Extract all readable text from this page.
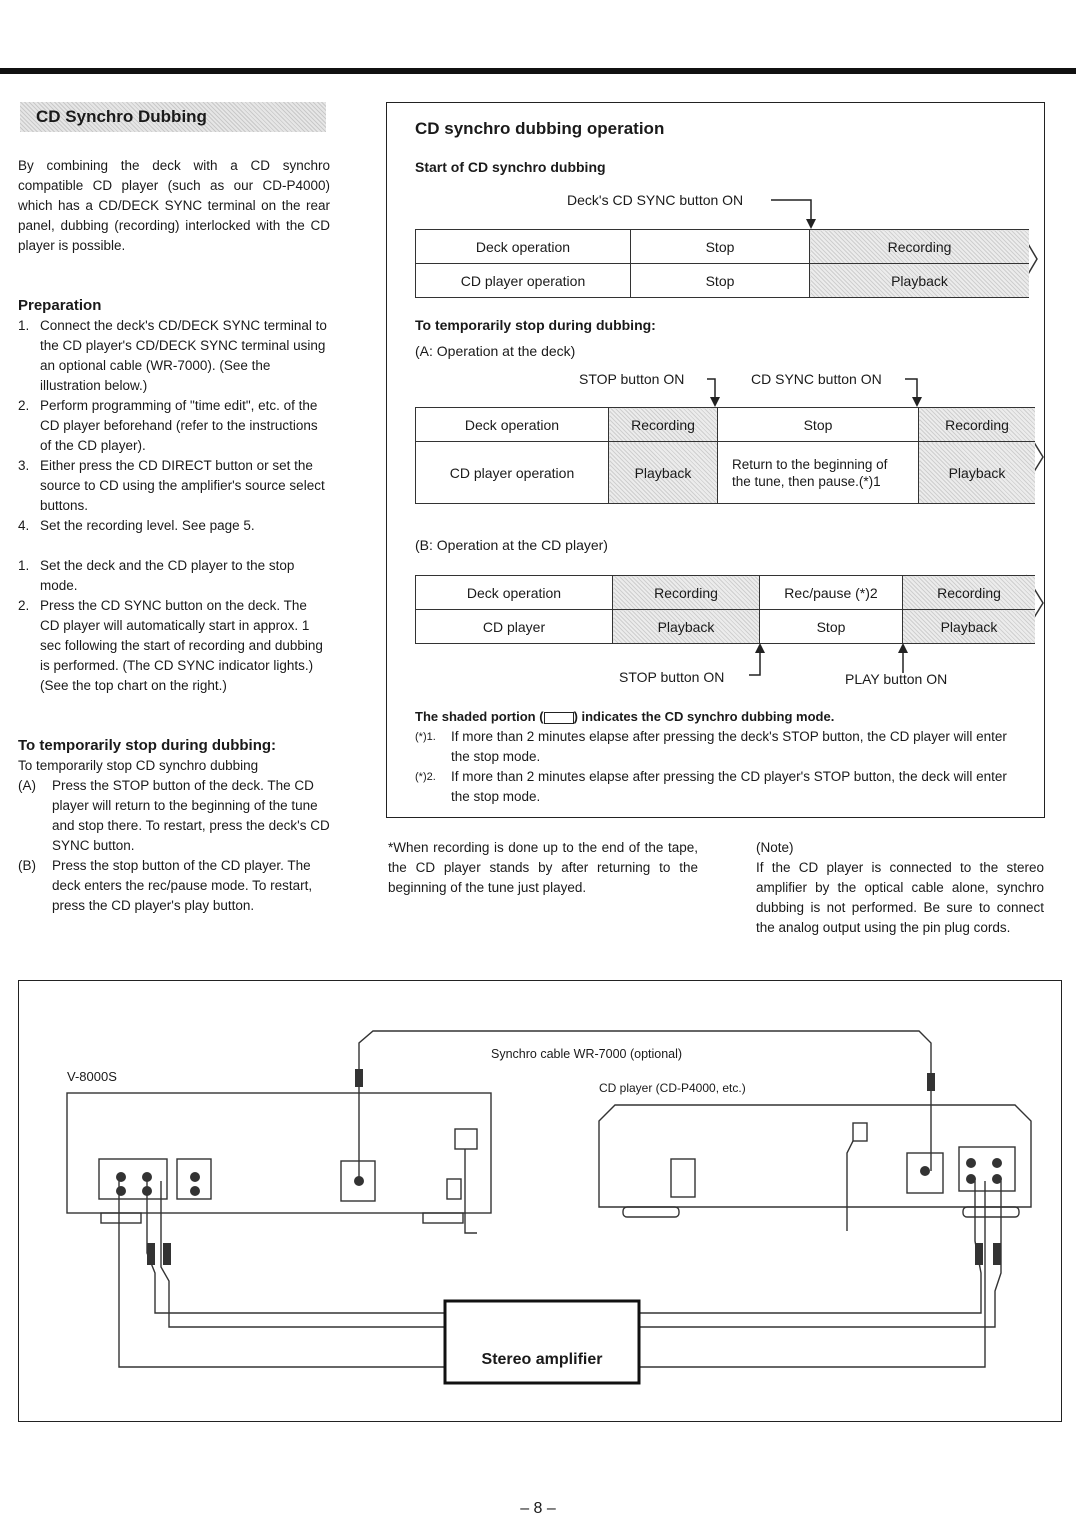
CD Synchro Dubbing

By combining the deck with a CD synchro compatible CD player (such as our CD-P4000) which has a CD/DECK SYNC terminal on the rear panel, dubbing (recording) interlocked with the CD player is possible.

Preparation
1. Connect the deck's CD/DECK SYNC terminal to the CD player's CD/DECK SYNC terminal using an optional cable (WR-7000). (See the illustration below.)
2. Perform programming of "time edit", etc. of the CD player beforehand (refer to the instructions of the CD player).
3. Either press the CD DIRECT button or set the source to CD using the amplifier's source select buttons.
4. Set the recording level. See page 5.
1. Set the deck and the CD player to the stop mode.
2. Press the CD SYNC button on the deck. The CD player will automatically start in approx. 1 sec following the start of recording and dubbing is performed. (The CD SYNC indicator lights.) (See the top chart on the right.)
To temporarily stop during dubbing:

To temporarily stop CD synchro dubbing

(A) Press the STOP button of the deck. The CD player will return to the beginning of the tune and stop there. To restart, press the deck's CD SYNC button.
(B) Press the stop button of the CD player. The deck enters the rec/pause mode. To restart, press the CD player's play button.
CD synchro dubbing operation
Start of CD synchro dubbing
Deck's CD SYNC button ON
Deck operation	Stop	Recording
CD player operation	Stop	Playback
To temporarily stop during dubbing:
(A: Operation at the deck)
STOP button ON	CD SYNC button ON
Deck operation	Recording	Stop	Recording
CD player operation	Playback	Return to the beginning of the tune, then pause.(*)1	Playback
(B: Operation at the CD player)
Deck operation	Recording	Rec/pause (*)2	Recording
CD player	Playback	Stop	Playback
STOP button ON	PLAY button ON
The shaded portion ( ) indicates the CD synchro dubbing mode.
(*)1.	If more than 2 minutes elapse after pressing the deck's STOP button, the CD player will enter the stop mode.
(*)2.	If more than 2 minutes elapse after pressing the CD player's STOP button, the deck will enter the stop mode.
*When recording is done up to the end of the tape, the CD player stands by after returning to the beginning of the tune just played.
(Note)
If the CD player is connected to the stereo amplifier by the optical cable alone, synchro dubbing is not performed. Be sure to connect the analog output using the pin plug cords.
V-8000S
Synchro cable WR-7000 (optional)
CD player (CD-P4000, etc.)
Stereo amplifier
– 8 –
